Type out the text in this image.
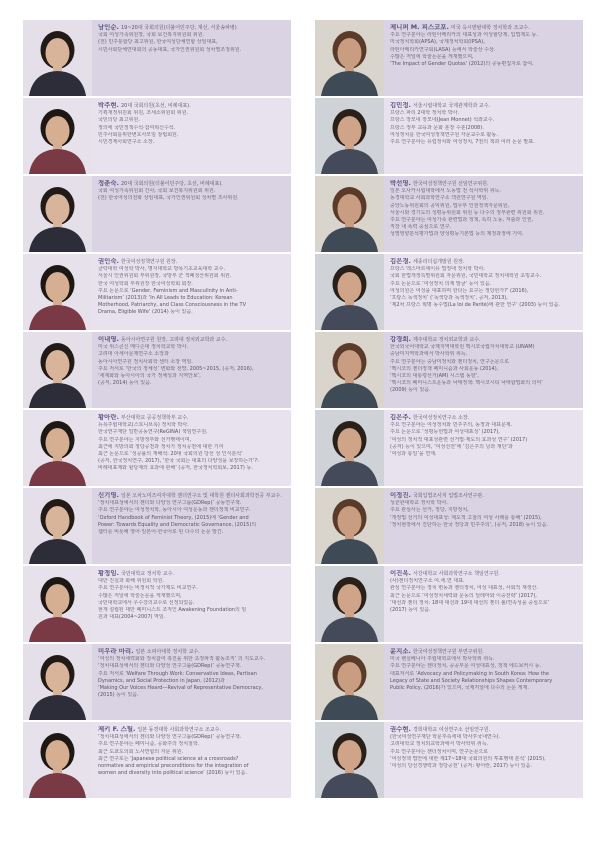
남인순. 19~20대 국회의원(더불어민주당, 재선, 서울송파병)
국회 여성가족위원장, 국회 보건복지위원회 위원.
(전) 민주통합당 최고위원, 한국여성단체연합 상임대표,
시민사회단체연대회의 공동대표, 국가인권위원회 성차별조정위원.
제니퍼 M. 피스코포. 미국 옥시덴탈대학 정치학과 조교수.
주요 연구분야는 라틴아메리카의 대표성과 여성할당제, 입법제도 등.
미국정치학회(APSA), 국제정치학회(IPSA),
라틴아메리카연구회(LASA) 등에서 학술상 수상.
수많은 저널에 학술논문을 게재했으며,
‘The Impact of Gender Quotas’ (2012)의 공동편집자로 참여.
박주현. 20대 국회의원(초선, 비례대표).
기획재정위원회 위원, 조세소위원회 위원.
국민의당 최고위원.
정의에 국민정책수석·참여혁신수석.
민주사회를위한변호사모임 창립회원.
시민경제사회연구소 소장.
김민정. 서울시립대학교 국제관계학과 교수.
프랑스 파리 2대학 정치학 박사.
프랑스 장모네 장모네(Jean Monnet) 석좌교수.
프랑스 정부 교육과 문화 훈장 수훈(2008).
여성정치를 한국여성정책연구원 자문교수로 활동.
주요 연구분야는 유럽정치와 여성정치, 7권의 책과 여러 논문 발표.
정춘숙. 20대 국회의원(더불어민주당, 초선, 비례대표).
국회 여성가족위원회 간사, 국회 보건복지위원회 위원.
(전) 한국여성의전화 상임대표, 국가인권위원회 성차별 조사위원.
박선영. 한국여성정책연구원 선임연구위원.
일본 오사카시립대학에서 노동법 전 석사학위 취득.
동경대학교 사회과학연구소 객원연구원 역임.
중앙노동위원회의 공익위원, 법무부 인권정책자문위원,
서울시와 경기도의 성평등위원회 위원 등 다수의 정부관련 위원회 위원.
주요 연구분야는 여성가족 관련법과 정책, 특히 노동, 저출과 인권,
직장 내 폭력 중심으로 연구.
성별영향분석평가법과 양성평등기본법 등의 제정과정에 기여.
권인숙. 한국여성정책연구원 원장.
클락대학 여성학 박사, 명지대학교 방목기초교육대학 교수.
서울시 인권위원회 부위원장, 국방부 군 적폐청산위원회 위원.
한국 여성학회 부위원장 한국여성학회 회장.
주요 논문으로 ‘Gender, Feminism and Masculinity in Anti-
Militarism’ (2013)과 ‘In All Leads to Education: Korean
Motherhood, Patriarchy, and Class Consciousness in the TV
Drama, Eligible Wife’ (2014) 등이 있음.
김은경. 세종리더십개발원 원장.
프랑스 엑스마르세이유 법정대 정치학 박사.
국회 한법개정특별위원회 자문위원, 국민대학교 정치대학원 초빙교수.
주요 논문으로 ‘여성정치 의제 발굴’ 등이 있음.
여성의원은 여성을 대표하며 한다는 요구는 정당한가?’ (2016),
‘프랑스 녹색정치’ (‘녹색당과 녹색정치’, 공저, 2013),
‘제2차 프랑스 혁명 동수법(La loi de Parité)에 관한 연구’ (2003) 등이 있음.
이내영. 동아시아연구원 원장, 고려대 정치외교학과 교수.
미국 위스콘신 메디슨대 정치학교학 박사.
고려대 아세아문제연구소 소장과
동아시아연구원 정치사회학 센터 소장 역임.
주요 저서로 ‘한국의 정체성’ 변화와 전망, 2005~2015, (공저, 2016),
‘세계화와 동아시아의 국가 정체성과 지역안보’,
(공저, 2014) 등이 있음.
강경희. 제주대학교 정치외교학과 교수.
한국외국어대학교 국제지역대학원 멕시코국립자치대학교 (UNAM)
중남미지역학과에서 박사학위 취득.
주요 연구분야는 중남미정치와 젠더정치, 연구논문으로
‘멕시코의 젠더정책 페미니즘과 사회운동 (2014),
‘멕시코의 대통령선거(AM) 시스템 동향’,
‘멕시코의 페미니스트운동과 낙태정책: 멕시코시티 낙태합법화의 의미’
(2009) 등이 있음.
황아란. 부산대학교 공공정책학부 교수.
뉴욕주립대학교(스토니브룩) 정치학 박사.
한국연구재단 일반공동연구(ReGINA) 책임연구원.
주요 연구분야는 지방정부와 선거행태이며,
최근에 지방의회 정당공천과 정치가 정치공천에 대한 기여
최근 논문으로 ‘성공률의 재해석: 20대 국회의원 당선 성 인식분석’
(공저, 한국정치연구, 2017), ‘한국 국회는 대표의 다양성을 보장하는가’?:
비례대표제와 할당제의 효과에 관해’ (공저, 한국정치학회보, 2017) 등.
김은주. 한국여성정치연구소 소장.
주요 연구분야는 여성정치와 민주주의, 동정과 대표문제.
주요 논문으로 ‘성평등헌법과 여성대표성’ (2017),
‘여성의 정치적 대표성관련 선거법·제도의 효과성 연구’ (2017)
(공저) 등이 있으며, ‘여성선전’에 ‘김은주의 낭과 재단’과
‘여성과 통일’을 연재.
신기영. 일본 오차노미즈여자대학 젠더연구소 및 대학원 젠더사회과학전공 부교수.
‘정치대표성에서의 젠더와 다양성 연구그룹(GDRep)’ 공동연구책.
주요 연구분야는 여성정치학, 동아시아 여성운동과 젠더정책 비교연구.
‘Oxford Handbook of Feminist Theory, (2015)에 ‘Gender and
Power: Towards Equality and Democratic Governance, (2015)의
챕터를 비롯해 영어·일본어·한국어로 된 다수의 논문 발간.
이정진. 국회입법조사처 입법조사연구관.
성균관대학교 정치학 박사.
주요 관심사는 선거, 정당, 지방정치,
‘개정법 선거의 여성대표성: 제도적 고찰의 여성 사례를 통해’ (2015),
‘정치현장에서 진단하는 한국 정당과 민주주의’, (공저, 2018) 등이 있음.
황정임. 국민대학교 정치학 교수.
대만 진실과 화해 위원회 학원.
주요 연구분야는 비정치적 국가제도 비교연구.
수많은 저널에 학술논문을 게재했으며,
국민대학교에서 우수강의교수로 선정되었음.
현재 설립된 대만 페미니스트 조직인 Awakening Foundation의 임
원과 대표(2004~2007) 역임.
이진옥. 서강대학교 사회과학연구소 책임연구원.
(사)젠더정치연구소 여.세.연 대표.
관심 연구분야는 정치 변동과 젠더정치, 여성 대표성, 사회적 재생산.
최근 논문으로 ‘여성정치세력화 운동의 딜레마와 이중전략’ (2017),
‘대선과 젠더 정치: 18대 대선과 19대 대선의 젠더 불/연속성을 중심으로’
(2017) 등이 있음.
미우라 마리. 일본 소피아대학 정치학 교수.
‘여성의 정치세력화와 정치참여 촉진을 위한 초정파적 활동조직’ 의 지도교수.
‘정치대표성에서의 젠더와 다양성 연구그룹(GDRep)’ 공동연구책.
주요 저서로 ‘Welfare Through Work: Conservative Ideas, Partisan
Dynamics, and Social Protection in Japan, (2012)과
‘Making Our Voices Heard―Revival of Representative Democracy,
(2015) 등이 있음.
윤지소. 한국여성정책연구원 부연구위원.
미국 펜실베니아 주립대학교에서 박사학위 취득.
주요 연구분야는 젠더정치, 공공부문 여성대표성, 정책 에드보커시 등.
대표저서로 ‘Advocacy and Policymaking in South Korea: How the
Legacy of State and Society Relationships Shapes Contemporary
Public Policy, (2016)가 있으며, 국제저널에 다수의 논문 게재.
제키 F. 스틸. 일본 동경대학 사회과학연구소 조교수.
‘정치대표성에서의 젠더와 다양성 연구그룹(GDRep)’ 공동연구책.
주요 연구분야는 페미니즘, 공화주의 정치철학.
최근 도쿄도의회 노사연합의 자문 위원.
최근 연구로는 ‘Japanese political science at a crossroads?
normative and empirical preconditions for the integration of
women and diversity into political science’ (2016) 등이 있음.
권수현. 경희대학교 여성연구소 선임연구원.
(한국여성연구재단 학문후속세대 박사후국내연수).
고려대학교 정치외교학과에서 박사학위 취득.
주요 연구분야는 젠더정치이며, 연구논문으로
‘여성정책 법안에 대한 제17~18대 국회의원의 투표행태 분석’ (2015),
‘여성의 당선경쟁력과 정당공천’ (공저: 황아란, 2017) 등이 있음.
